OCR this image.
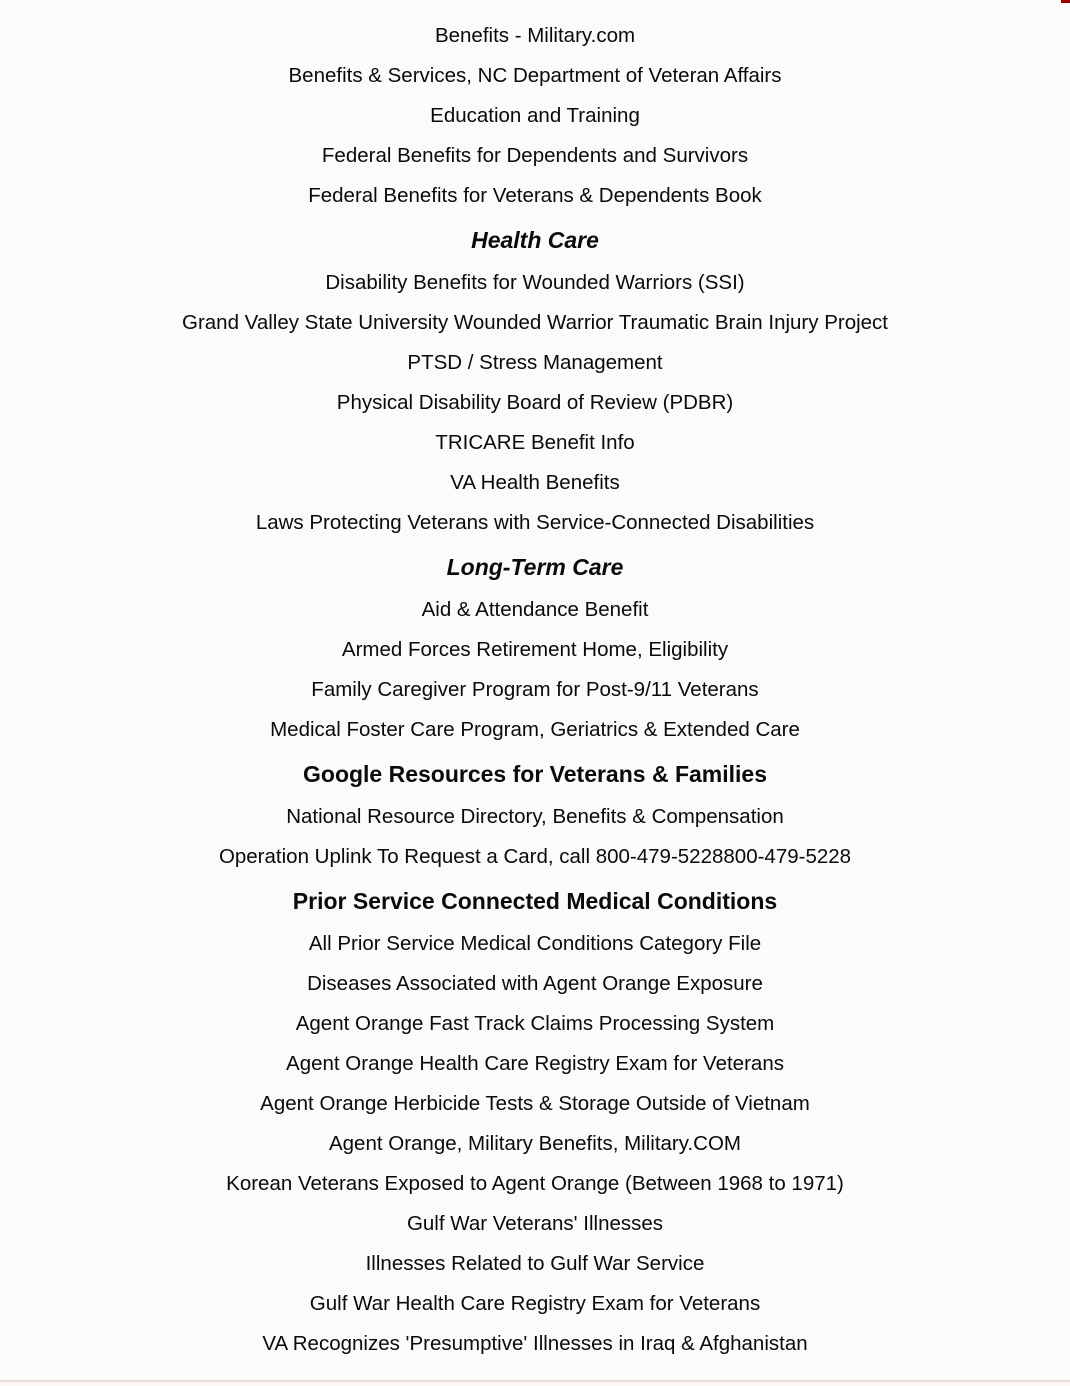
Benefits - Military.com
Benefits & Services, NC Department of Veteran Affairs
Education and Training
Federal Benefits for Dependents and Survivors
Federal Benefits for Veterans & Dependents Book
Health Care
Disability Benefits for Wounded Warriors (SSI)
Grand Valley State University Wounded Warrior Traumatic Brain Injury Project
PTSD / Stress Management
Physical Disability Board of Review (PDBR)
TRICARE Benefit Info
VA Health Benefits
Laws Protecting Veterans with Service-Connected Disabilities
Long-Term Care
Aid & Attendance Benefit
Armed Forces Retirement Home, Eligibility
Family Caregiver Program for Post-9/11 Veterans
Medical Foster Care Program, Geriatrics & Extended Care
Google Resources for Veterans & Families
National Resource Directory, Benefits & Compensation
Operation Uplink To Request a Card, call 800-479-5228800-479-5228
Prior Service Connected Medical Conditions
All Prior Service Medical Conditions Category File
Diseases Associated with Agent Orange Exposure
Agent Orange Fast Track Claims Processing System
Agent Orange Health Care Registry Exam for Veterans
Agent Orange Herbicide Tests & Storage Outside of Vietnam
Agent Orange, Military Benefits, Military.COM
Korean Veterans Exposed to Agent Orange (Between 1968 to 1971)
Gulf War Veterans' Illnesses
Illnesses Related to Gulf War Service
Gulf War Health Care Registry Exam for Veterans
VA Recognizes 'Presumptive' Illnesses in Iraq & Afghanistan
